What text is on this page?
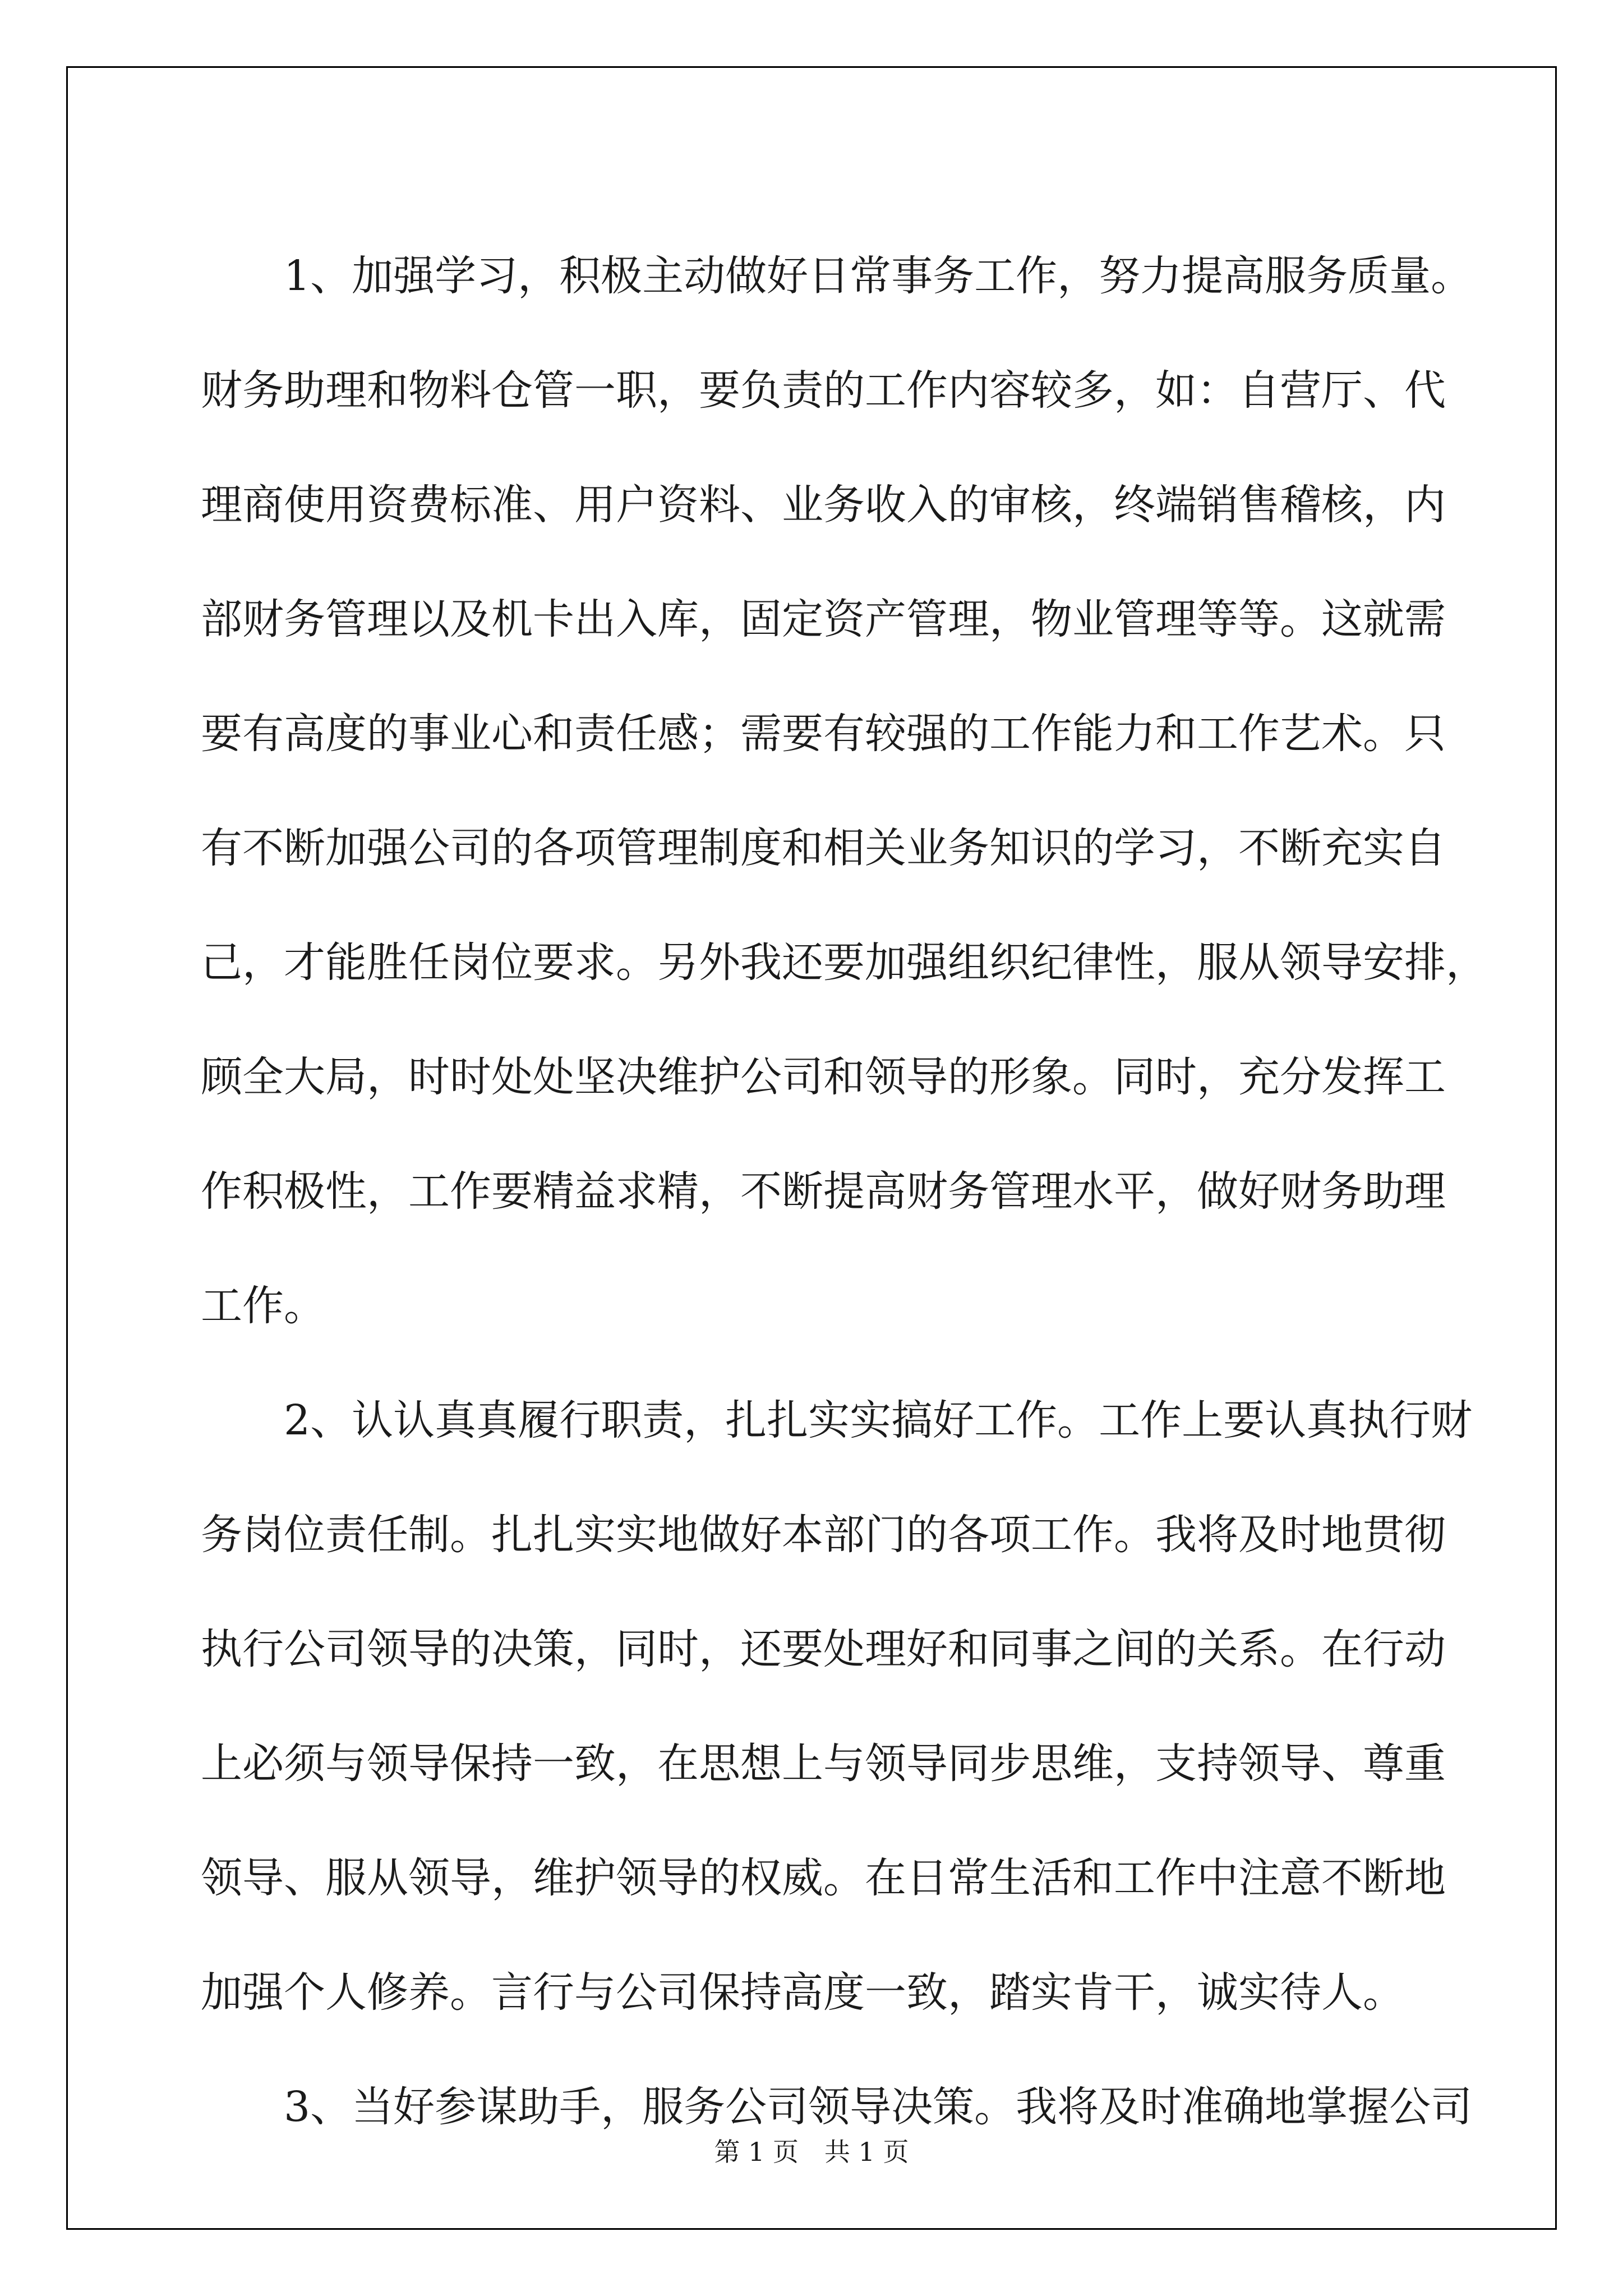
1、加强学习，积极主动做好日常事务工作，努力提高服务质量。
财务助理和物料仓管一职，要负责的工作内容较多，如：自营厅、代
理商使用资费标准、用户资料、业务收入的审核，终端销售稽核，内
部财务管理以及机卡出入库，固定资产管理，物业管理等等。这就需
要有高度的事业心和责任感；需要有较强的工作能力和工作艺术。只
有不断加强公司的各项管理制度和相关业务知识的学习，不断充实自
己，才能胜任岗位要求。另外我还要加强组织纪律性，服从领导安排，
顾全大局，时时处处坚决维护公司和领导的形象。同时，充分发挥工
作积极性，工作要精益求精，不断提高财务管理水平，做好财务助理
工作。
2、认认真真履行职责，扎扎实实搞好工作。工作上要认真执行财
务岗位责任制。扎扎实实地做好本部门的各项工作。我将及时地贯彻
执行公司领导的决策，同时，还要处理好和同事之间的关系。在行动
上必须与领导保持一致，在思想上与领导同步思维，支持领导、尊重
领导、服从领导，维护领导的权威。在日常生活和工作中注意不断地
加强个人修养。言行与公司保持高度一致，踏实肯干，诚实待人。
3、当好参谋助手，服务公司领导决策。我将及时准确地掌握公司
第 1 页　共 1 页
